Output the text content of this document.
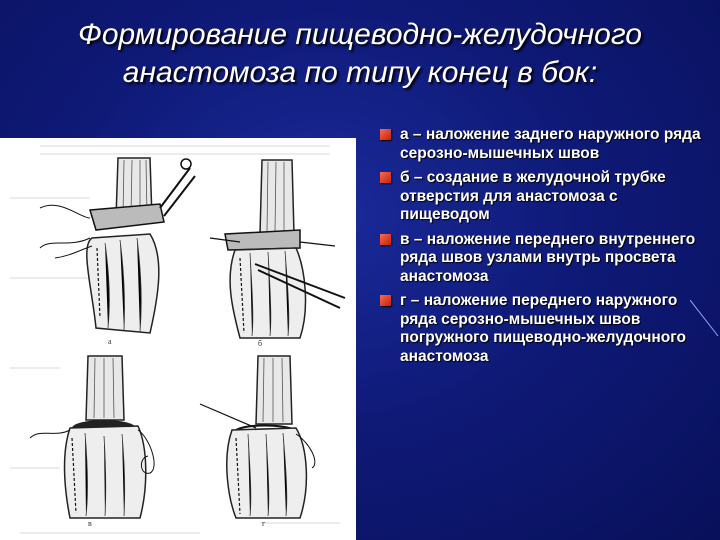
Формирование пищеводно-желудочного
анастомоза по типу конец в бок:
а	б
в	г
а – наложение заднего наружного ряда серозно-мышечных швов
б – создание в желудочной трубке отверстия для анастомоза с пищеводом
в – наложение переднего внутреннего ряда швов узлами внутрь просвета анастомоза
г – наложение переднего наружного ряда серозно-мышечных швов погружного пищеводно-желудочного анастомоза
